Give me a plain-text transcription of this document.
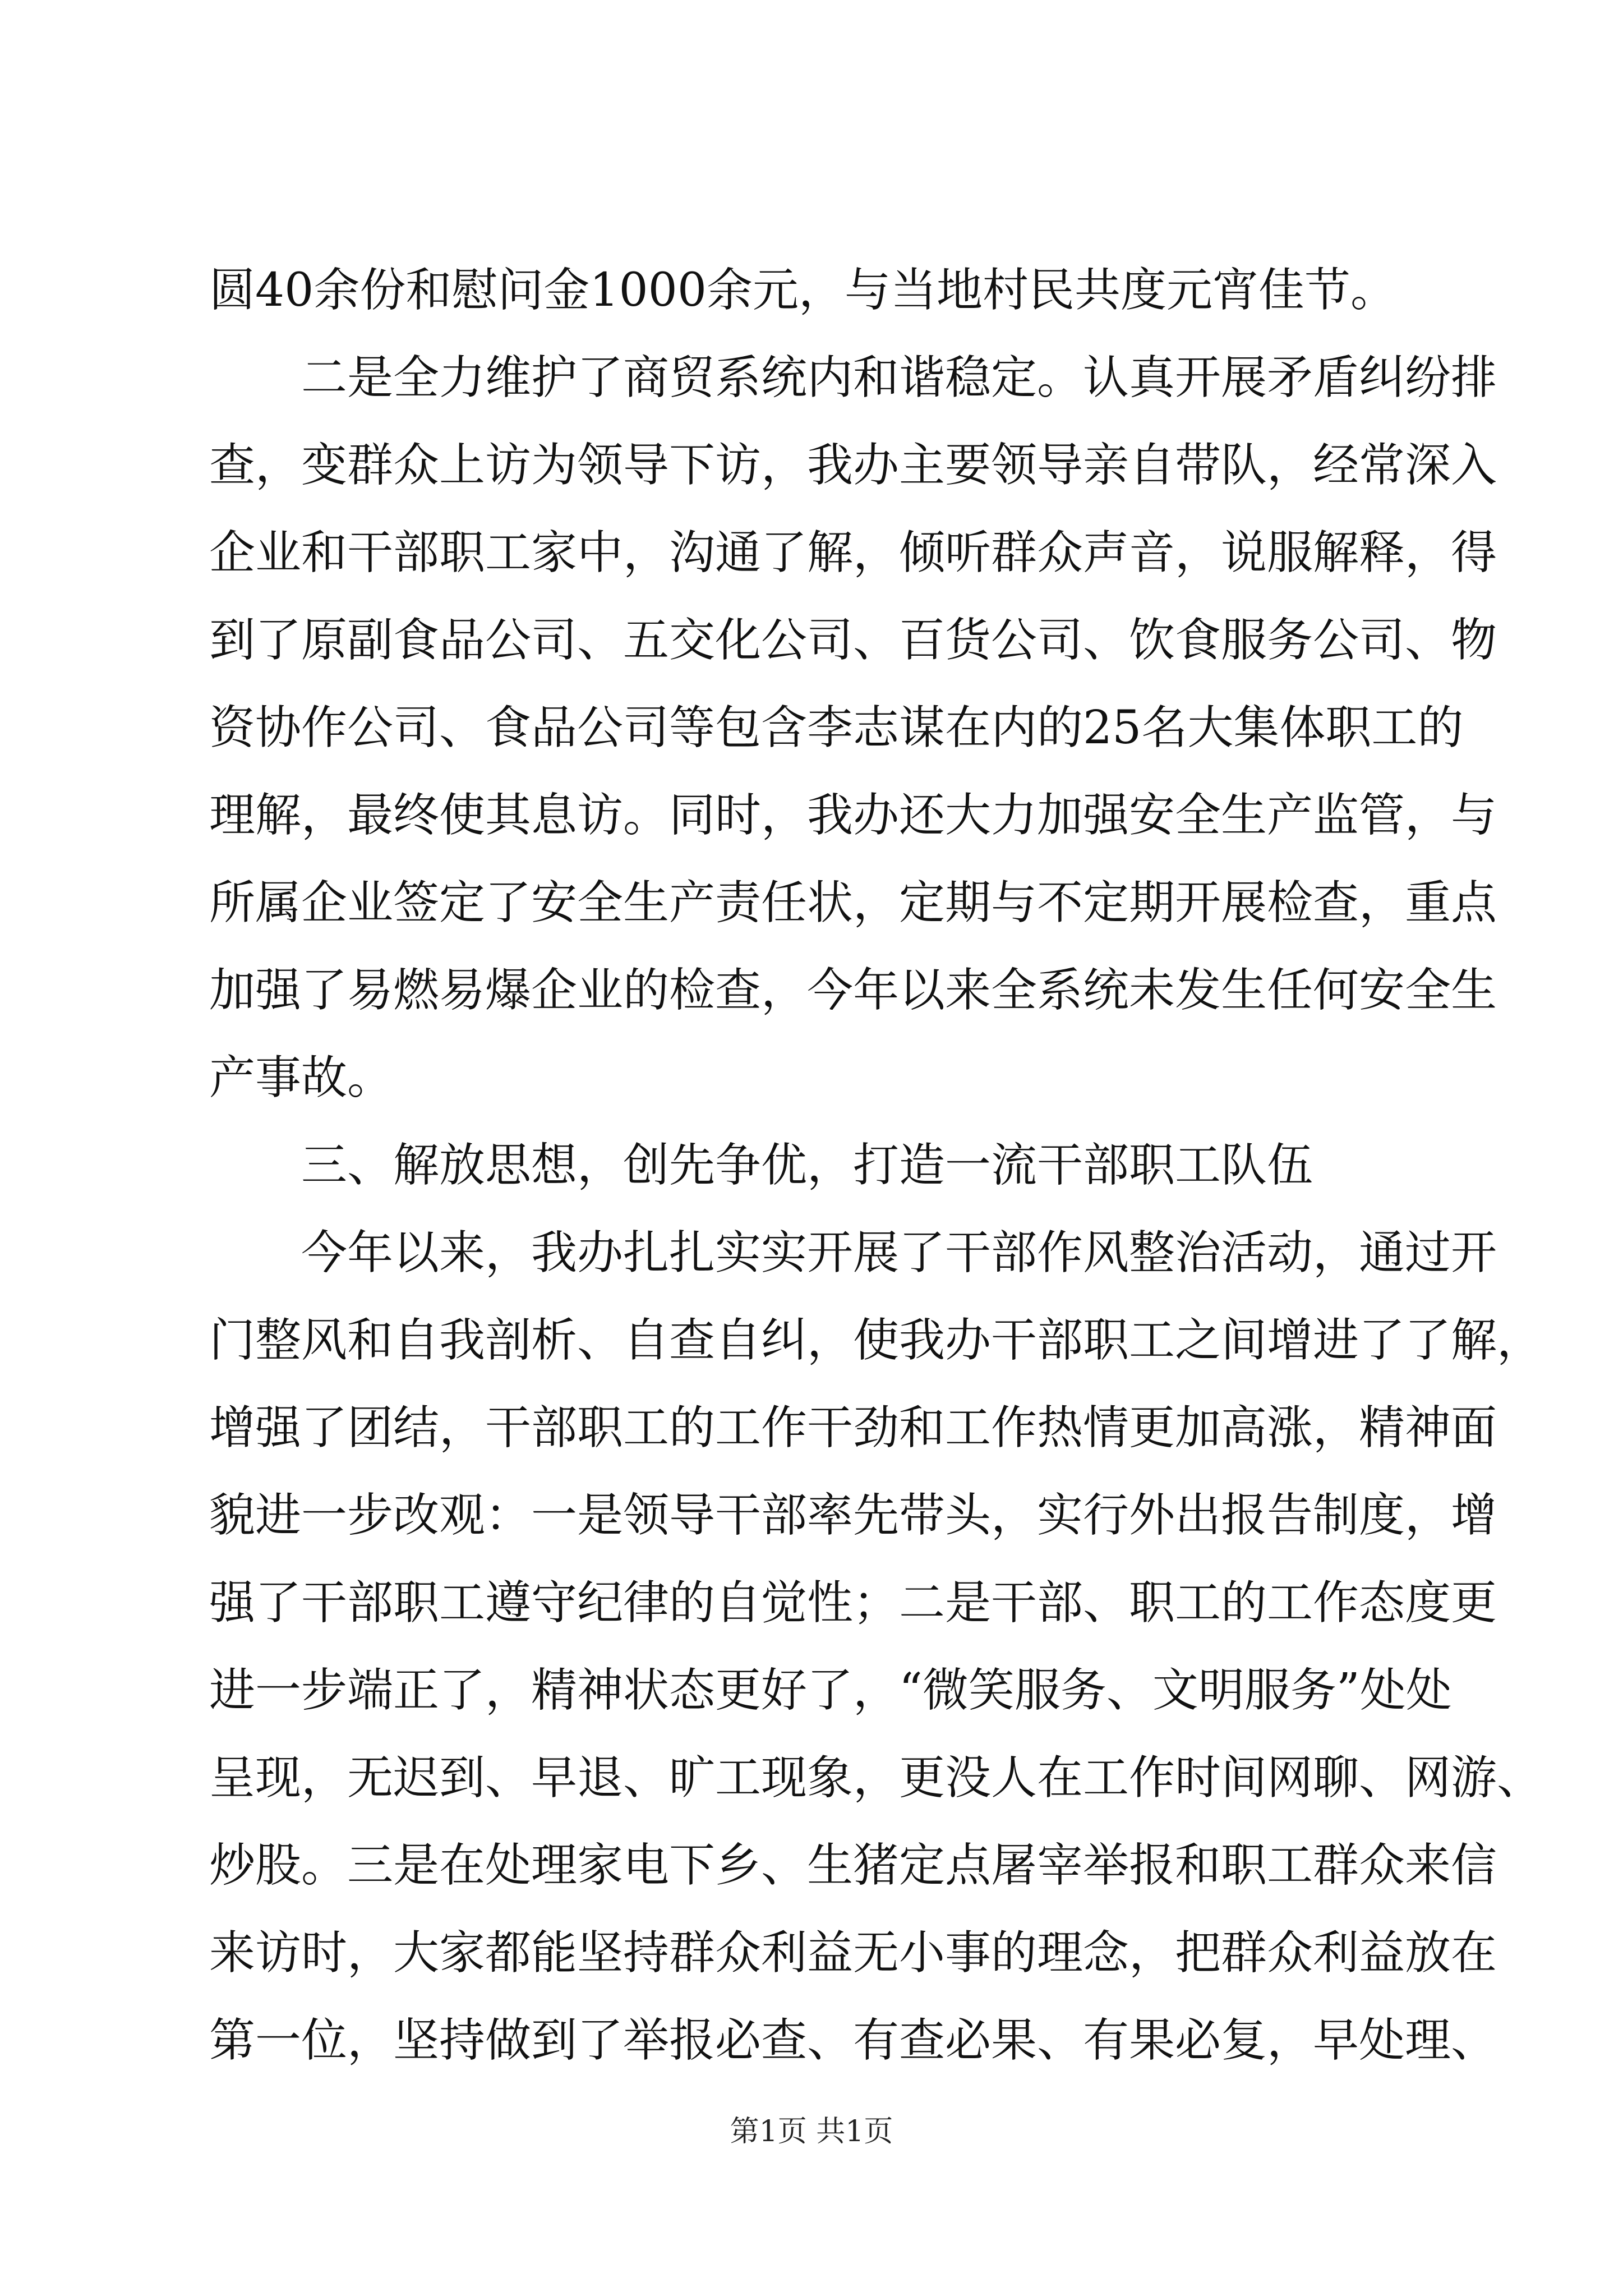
圆40余份和慰问金1000余元，与当地村民共度元宵佳节。
二是全力维护了商贸系统内和谐稳定。认真开展矛盾纠纷排
查，变群众上访为领导下访，我办主要领导亲自带队，经常深入
企业和干部职工家中，沟通了解，倾听群众声音，说服解释，得
到了原副食品公司、五交化公司、百货公司、饮食服务公司、物
资协作公司、食品公司等包含李志谋在内的25名大集体职工的
理解，最终使其息访。同时，我办还大力加强安全生产监管，与
所属企业签定了安全生产责任状，定期与不定期开展检查，重点
加强了易燃易爆企业的检查，今年以来全系统未发生任何安全生
产事故。
三、解放思想，创先争优，打造一流干部职工队伍
今年以来，我办扎扎实实开展了干部作风整治活动，通过开
门整风和自我剖析、自查自纠，使我办干部职工之间增进了了解，
增强了团结，干部职工的工作干劲和工作热情更加高涨，精神面
貌进一步改观：一是领导干部率先带头，实行外出报告制度，增
强了干部职工遵守纪律的自觉性；二是干部、职工的工作态度更
进一步端正了，精神状态更好了，“微笑服务、文明服务”处处
呈现，无迟到、早退、旷工现象，更没人在工作时间网聊、网游、
炒股。三是在处理家电下乡、生猪定点屠宰举报和职工群众来信
来访时，大家都能坚持群众利益无小事的理念，把群众利益放在
第一位，坚持做到了举报必查、有查必果、有果必复，早处理、
第1页 共1页
